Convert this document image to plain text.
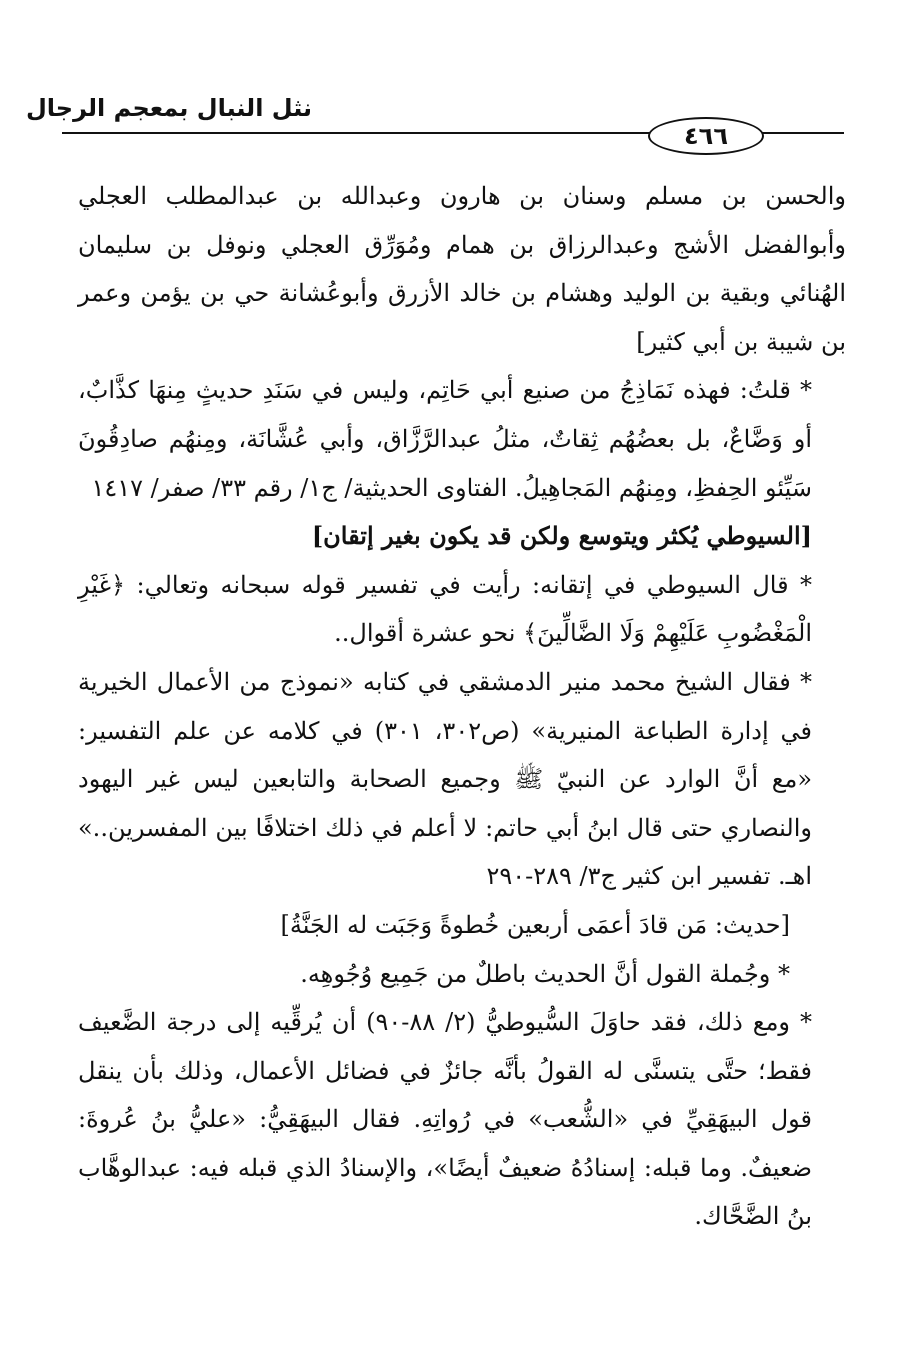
نثل النبال بمعجم الرجال
٤٦٦

والحسن بن مسلم وسنان بن هارون وعبدالله بن عبدالمطلب العجلي وأبوالفضل الأشج وعبدالرزاق بن همام ومُوَرِّق العجلي ونوفل بن سليمان الهُنائي وبقية بن الوليد وهشام بن خالد الأزرق وأبوعُشانة حي بن يؤمن وعمر بن شيبة بن أبي كثير]

* قلتُ: فهذه نَمَاذِجُ من صنيع أبي حَاتِم، وليس في سَنَدِ حديثٍ مِنهَا كذَّابٌ، أو وَضَّاعٌ، بل بعضُهُم ثِقاتٌ، مثلُ عبدالرَّزَّاق، وأبي عُشَّانَة، ومِنهُم صادِقُونَ سَيِّئو الحِفظِ، ومِنهُم المَجاهِيلُ. الفتاوى الحديثية/ ج١/ رقم ٣٣/ صفر/ ١٤١٧

[السيوطي يُكثر ويتوسع ولكن قد يكون بغير إتقان]

* قال السيوطي في إتقانه: رأيت في تفسير قوله سبحانه وتعالي: ﴿غَيْرِ الْمَغْضُوبِ عَلَيْهِمْ وَلَا الضَّالِّينَ﴾ نحو عشرة أقوال..

* فقال الشيخ محمد منير الدمشقي في كتابه «نموذج من الأعمال الخيرية في إدارة الطباعة المنيرية» (ص٣٠٢، ٣٠١) في كلامه عن علم التفسير: «مع أنَّ الوارد عن النبيّ ﷺ وجميع الصحابة والتابعين ليس غير اليهود والنصاري حتى قال ابنُ أبي حاتم: لا أعلم في ذلك اختلافًا بين المفسرين..» اهـ. تفسير ابن كثير ج٣/ ٢٨٩-٢٩٠

[حديث: مَن قادَ أعمَى أربعين خُطوةً وَجَبَت له الجَنَّةُ]

* وجُملة القول أنَّ الحديث باطلٌ من جَمِيع وُجُوهِه.

* ومع ذلك، فقد حاوَلَ السُّيوطيُّ (٢/ ٨٨-٩٠) أن يُرقِّيه إلى درجة الضَّعيف فقط؛ حتَّى يتسنَّى له القولُ بأنَّه جائزٌ في فضائل الأعمال، وذلك بأن ينقل قول البيهَقِيِّ في «الشُّعب» في رُواتِهِ. فقال البيهَقِيُّ: «عليُّ بنُ عُروةَ: ضعيفٌ. وما قبله: إسنادُهُ ضعيفٌ أيضًا»، والإسنادُ الذي قبله فيه: عبدالوهَّاب بنُ الضَّحَّاك.
